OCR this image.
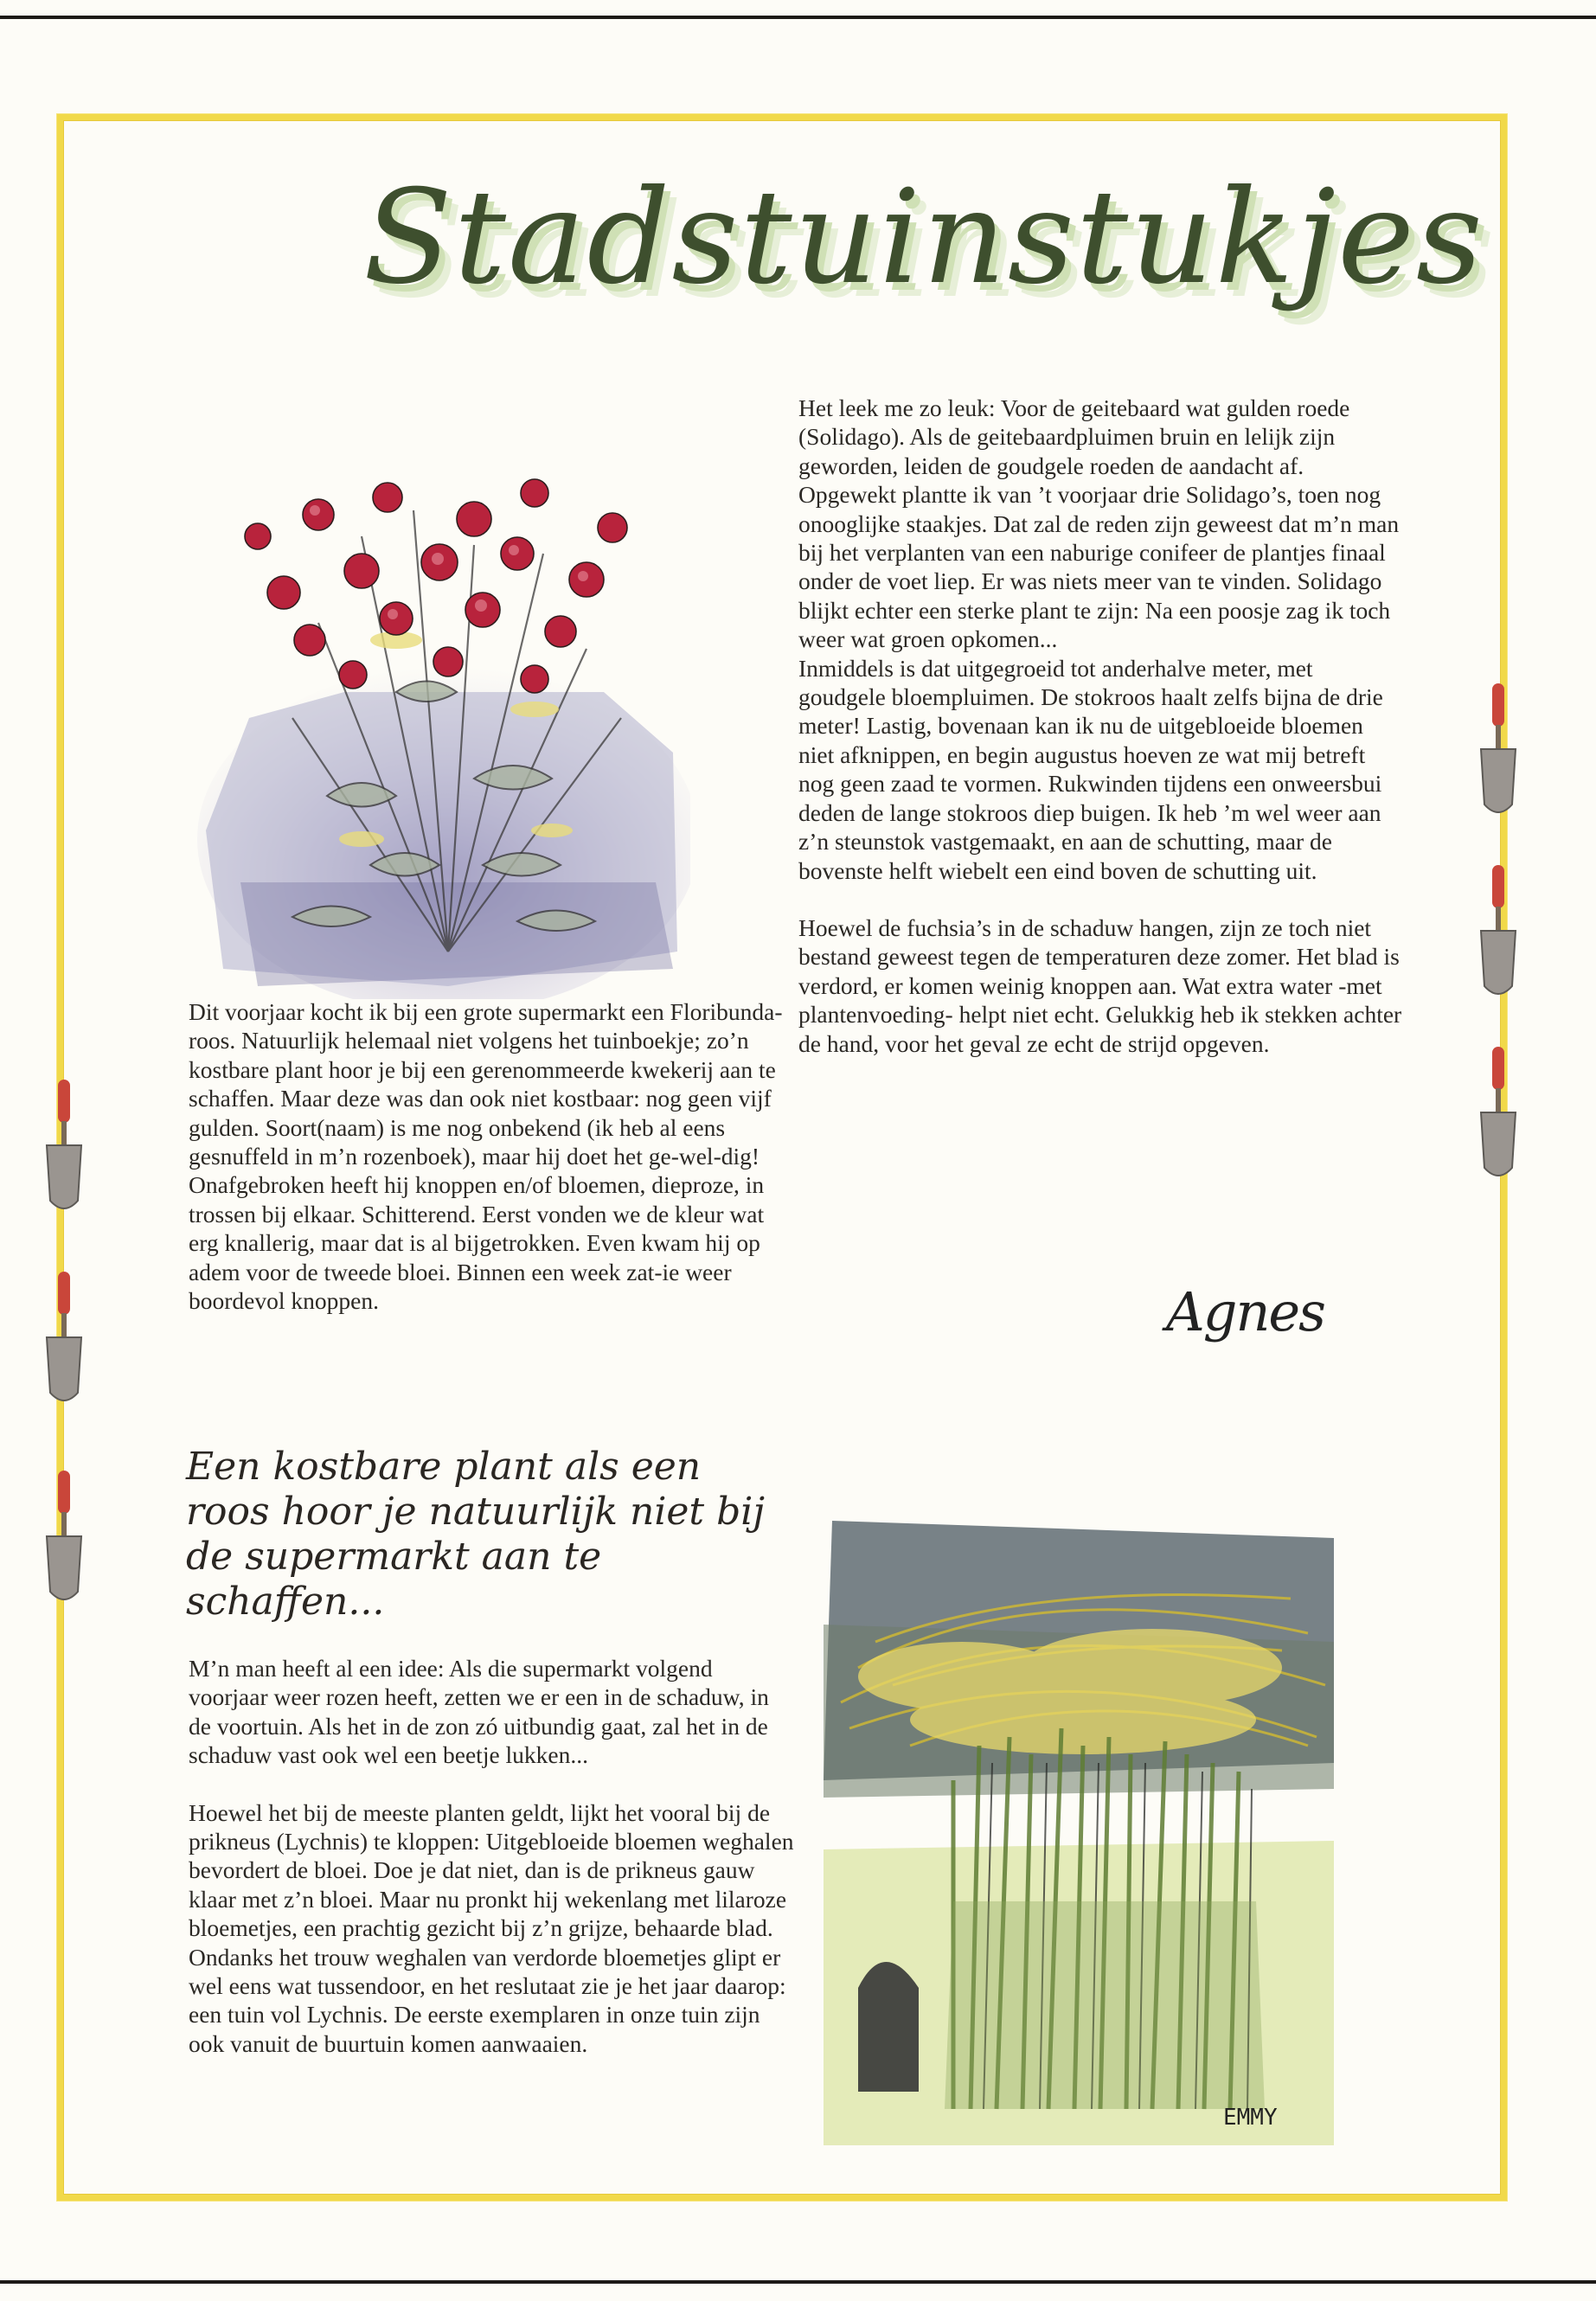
Stadstuinstukjes
EMMY

Dit voorjaar kocht ik bij een grote supermarkt een Floribunda-roos. Natuurlijk helemaal niet volgens het tuinboekje; zo’n kostbare plant hoor je bij een gerenommeerde kwekerij aan te schaffen. Maar deze was dan ook niet kostbaar: nog geen vijf gulden. Soort(naam) is me nog onbekend (ik heb al eens gesnuffeld in m’n rozenboek), maar hij doet het ge-wel-dig! Onafgebroken heeft hij knoppen en/of bloemen, dieproze, in trossen bij elkaar. Schitterend. Eerst vonden we de kleur wat erg knallerig, maar dat is al bijgetrokken. Even kwam hij op adem voor de tweede bloei. Binnen een week zat-ie weer boordevol knoppen.

Een kostbare plant als een roos hoor je natuurlijk niet bij de supermarkt aan te schaffen...

M’n man heeft al een idee: Als die supermarkt volgend voorjaar weer rozen heeft, zetten we er een in de schaduw, in de voortuin. Als het in de zon zó uitbundig gaat, zal het in de schaduw vast ook wel een beetje lukken...

Hoewel het bij de meeste planten geldt, lijkt het vooral bij de prikneus (Lychnis) te kloppen: Uitgebloeide bloemen weghalen bevordert de bloei. Doe je dat niet, dan is de prikneus gauw klaar met z’n bloei. Maar nu pronkt hij wekenlang met lilaroze bloemetjes, een prachtig gezicht bij z’n grijze, behaarde blad. Ondanks het trouw weghalen van verdorde bloemetjes glipt er wel eens wat tussendoor, en het reslutaat zie je het jaar daarop: een tuin vol Lychnis. De eerste exemplaren in onze tuin zijn ook vanuit de buurtuin komen aanwaaien.

Het leek me zo leuk: Voor de geitebaard wat gulden roede (Solidago). Als de geitebaardpluimen bruin en lelijk zijn geworden, leiden de goudgele roeden de aandacht af. Opgewekt plantte ik van ’t voorjaar drie Solidago’s, toen nog onooglijke staakjes. Dat zal de reden zijn geweest dat m’n man bij het verplanten van een naburige conifeer de plantjes finaal onder de voet liep. Er was niets meer van te vinden. Solidago blijkt echter een sterke plant te zijn: Na een poosje zag ik toch weer wat groen opkomen...

Inmiddels is dat uitgegroeid tot anderhalve meter, met goudgele bloempluimen. De stokroos haalt zelfs bijna de drie meter! Lastig, bovenaan kan ik nu de uitgebloeide bloemen niet afknippen, en begin augustus hoeven ze wat mij betreft nog geen zaad te vormen. Rukwinden tijdens een onweersbui deden de lange stokroos diep buigen. Ik heb ’m wel weer aan z’n steunstok vastgemaakt, en aan de schutting, maar de bovenste helft wiebelt een eind boven de schutting uit.

Hoewel de fuchsia’s in de schaduw hangen, zijn ze toch niet bestand geweest tegen de temperaturen deze zomer. Het blad is verdord, er komen weinig knoppen aan. Wat extra water -met plantenvoeding- helpt niet echt. Gelukkig heb ik stekken achter de hand, voor het geval ze echt de strijd opgeven.

Agnes
